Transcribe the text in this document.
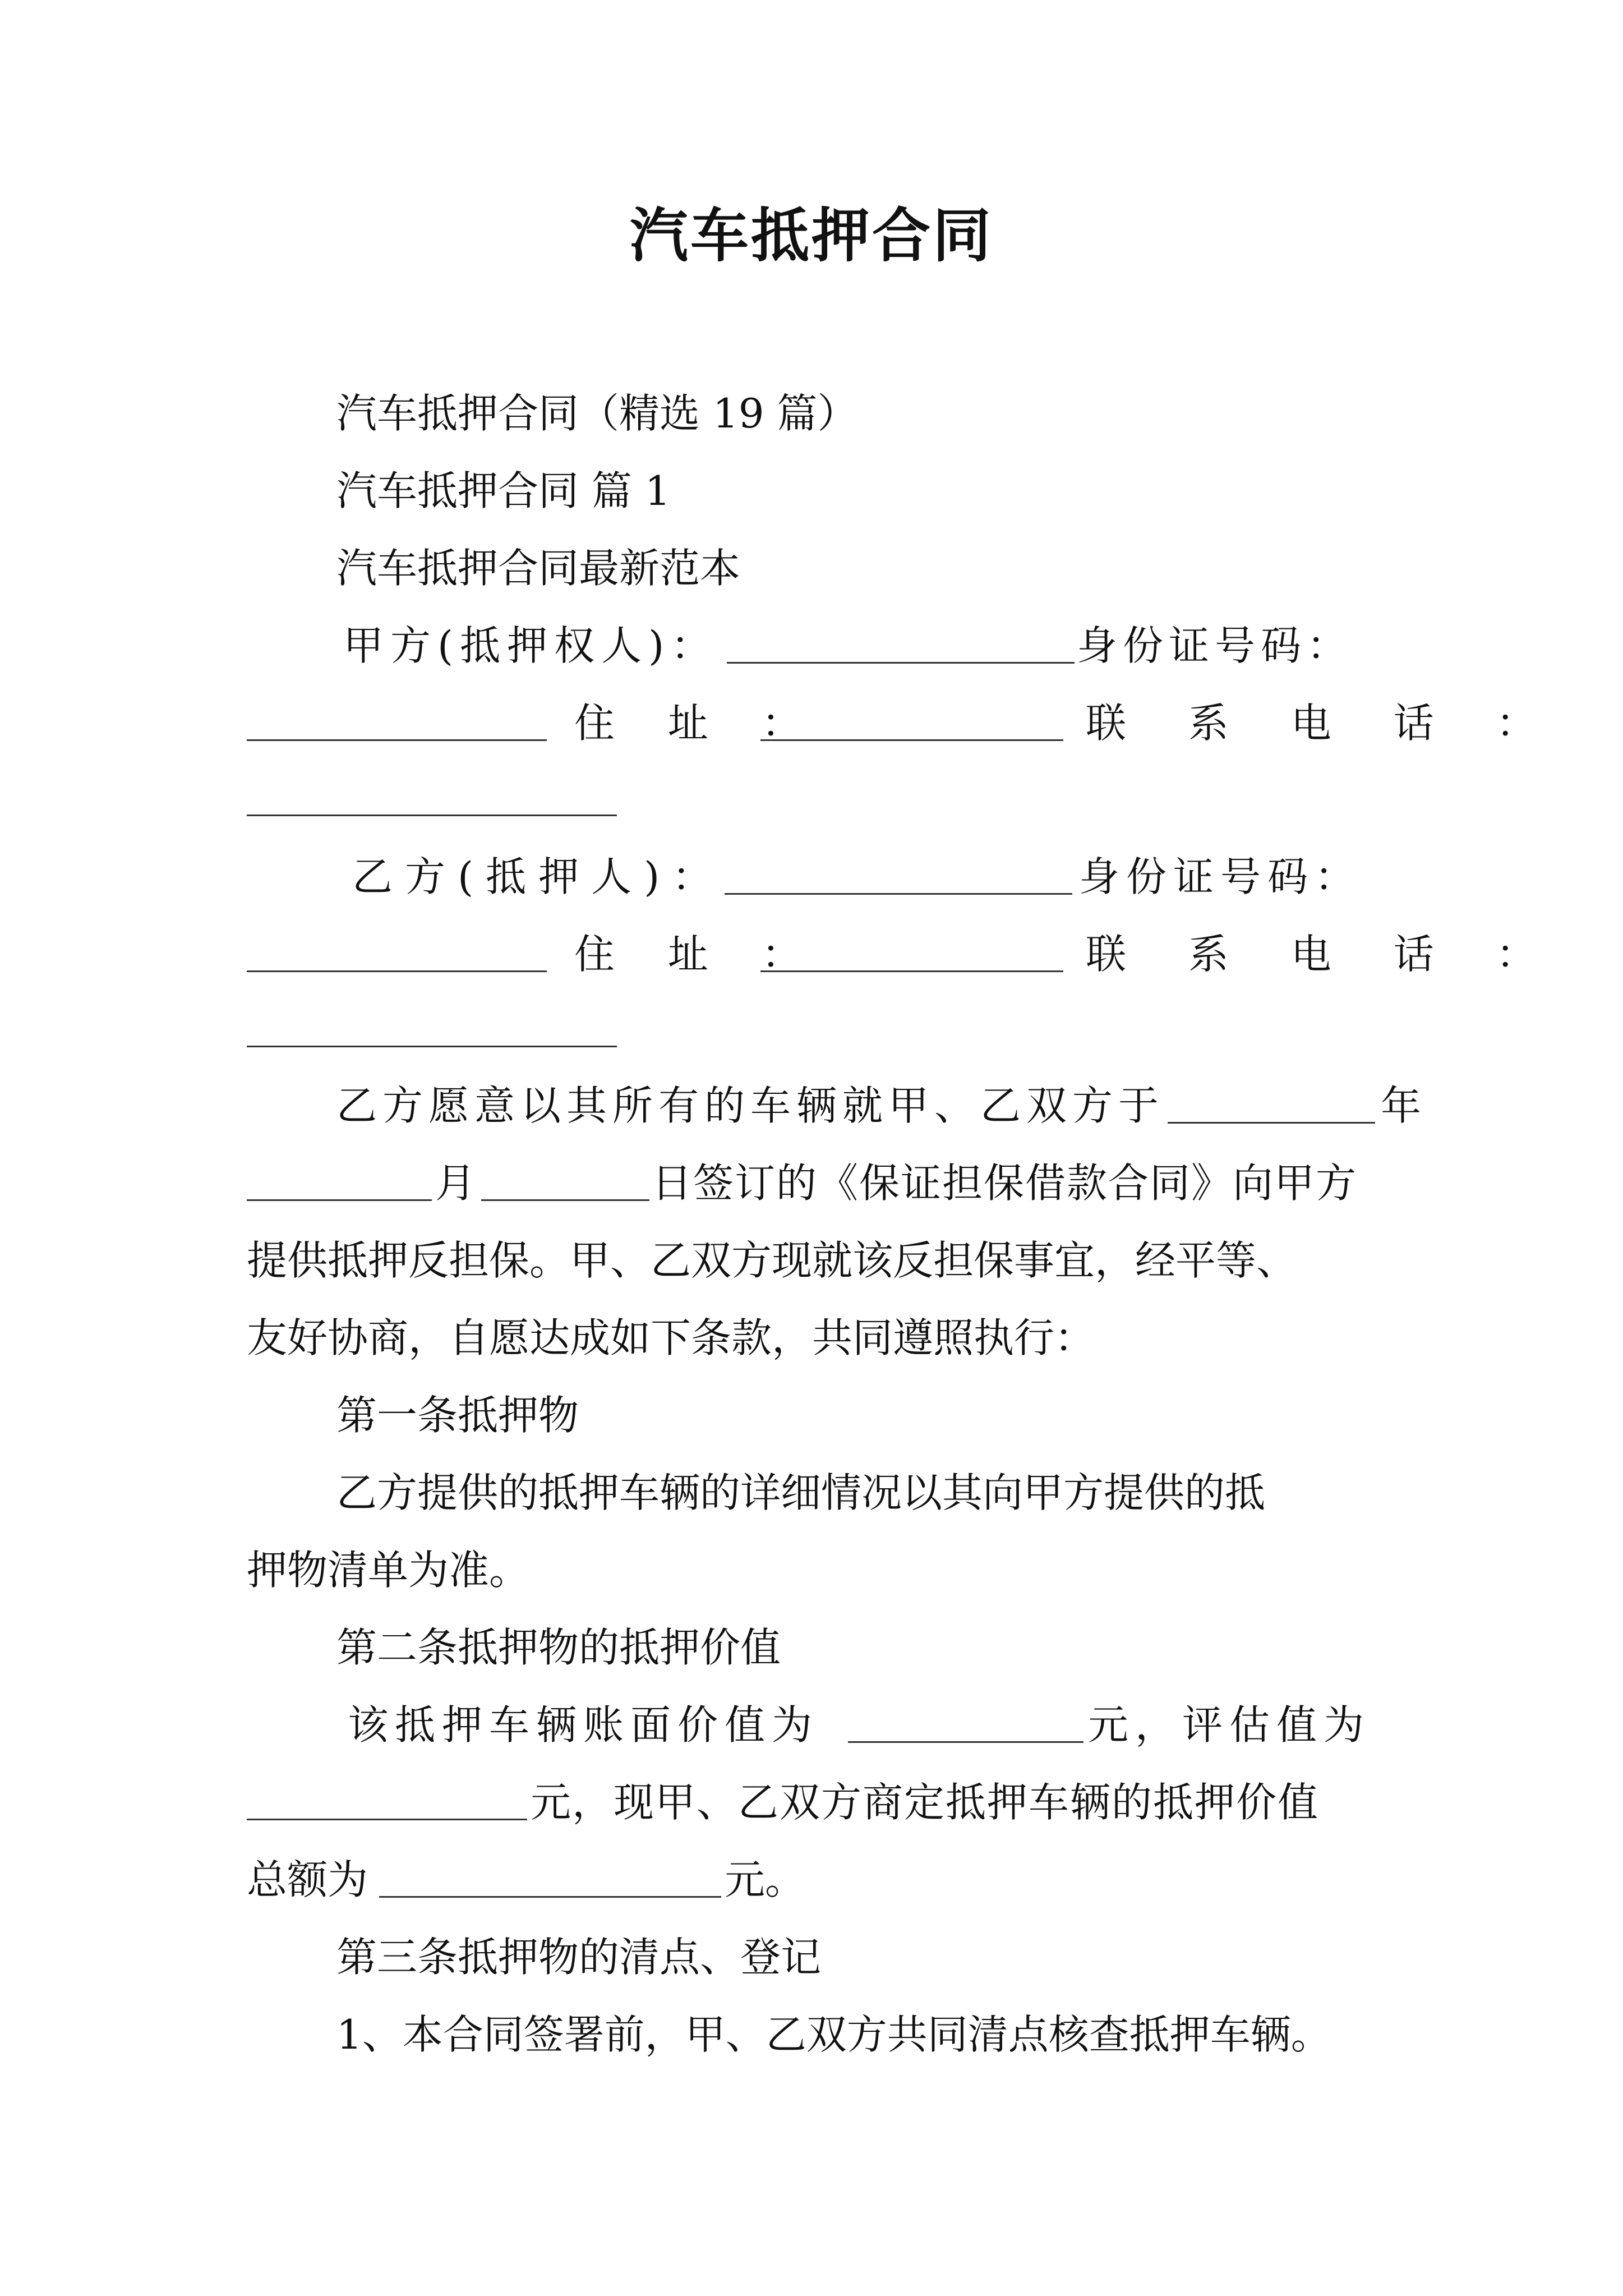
汽车抵押合同
汽车抵押合同（精选 19 篇）
汽车抵押合同 篇 1
汽车抵押合同最新范本
甲方(抵押权人)：	身份证号码：
住 址 ：	联 系 电 话 ：
乙方(抵押人)：	身份证号码：
住 址 ：	联 系 电 话 ：
乙方愿意以其所有的车辆就甲、乙双方于	年
月	日签订的《保证担保借款合同》向甲方
提供抵押反担保。甲、乙双方现就该反担保事宜，经平等、
友好协商，自愿达成如下条款，共同遵照执行：
第一条抵押物
乙方提供的抵押车辆的详细情况以其向甲方提供的抵
押物清单为准。
第二条抵押物的抵押价值
该抵押车辆账面价值为	元，评估值为
元，现甲、乙双方商定抵押车辆的抵押价值
总额为	元。
第三条抵押物的清点、登记
1、本合同签署前，甲、乙双方共同清点核查抵押车辆。
